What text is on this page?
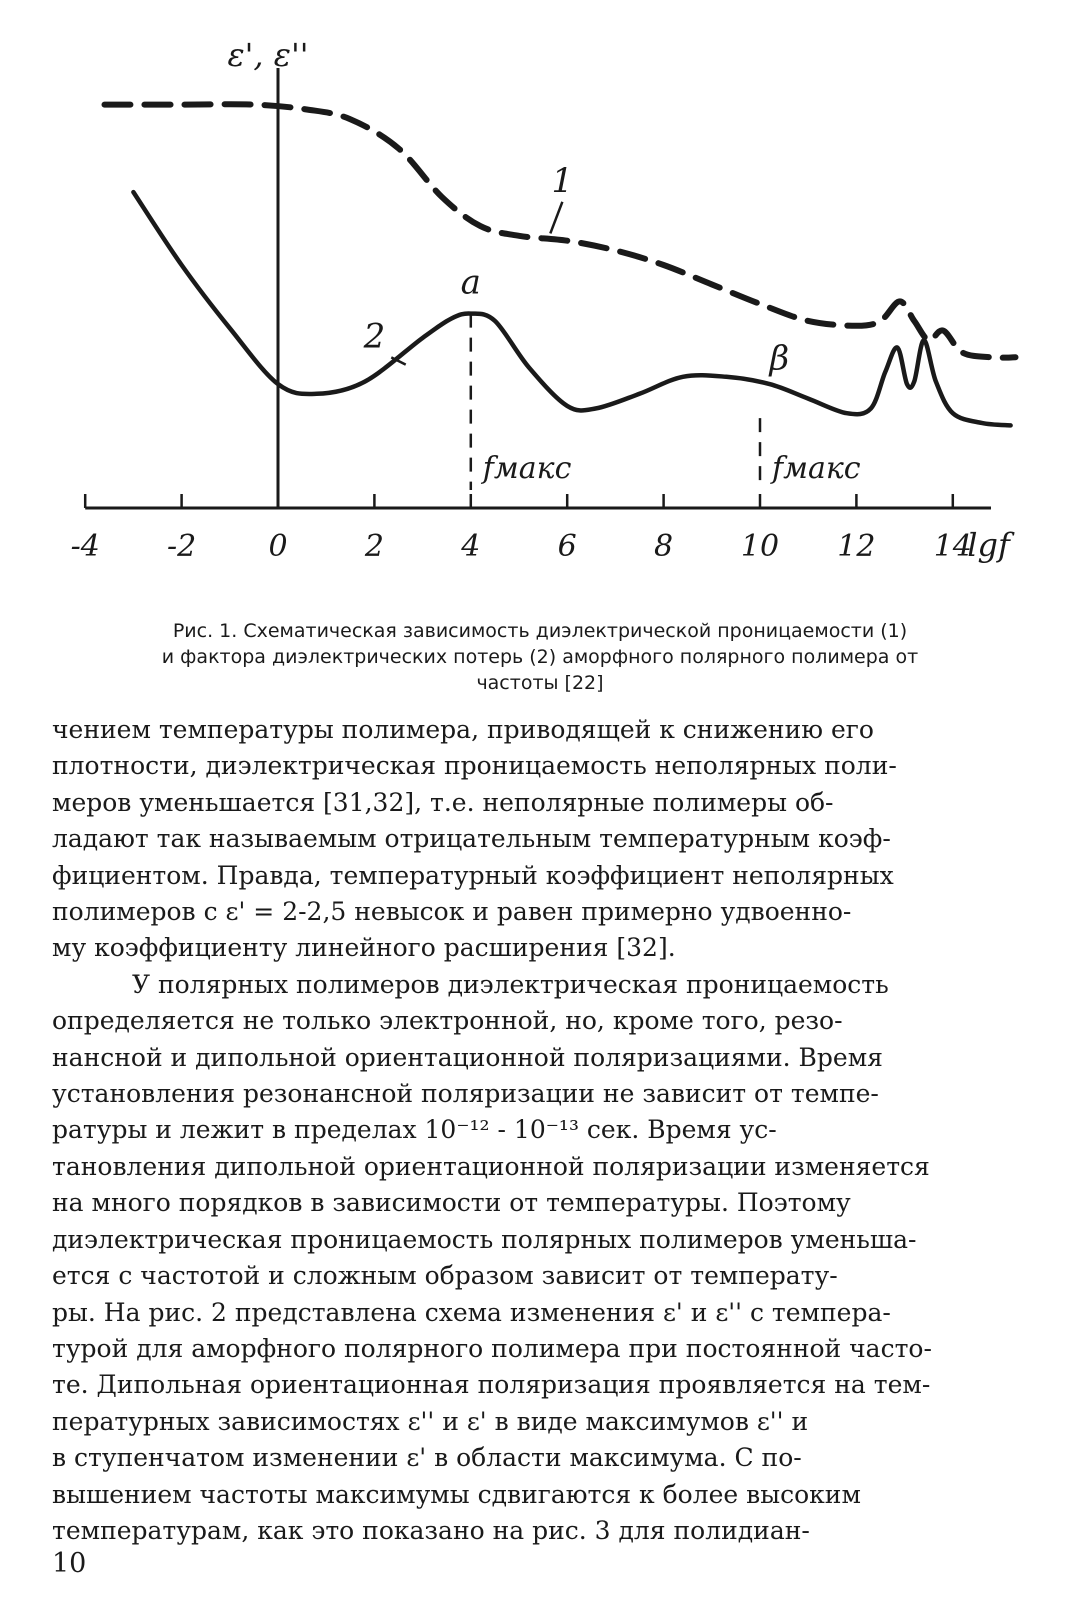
-4 -2 0	2	4	6	8 10 12 14
lgf
ε', ε''
1
2
fмакс	fмакс
a
β
Рис. 1. Схематическая зависимость диэлектрической проницаемости (1)
и фактора диэлектрических потерь (2) аморфного полярного полимера от
частоты [22]

чением температуры полимера, приводящей к снижению его
плотности, диэлектрическая проницаемость неполярных поли-
меров уменьшается [31,32], т.е. неполярные полимеры об-
ладают так называемым отрицательным температурным коэф-
фициентом. Правда, температурный коэффициент неполярных
полимеров с ε' = 2-2,5 невысок и равен примерно удвоенно-
му коэффициенту линейного расширения [32].

У полярных полимеров диэлектрическая проницаемость
определяется не только электронной, но, кроме того, резо-
нансной и дипольной ориентационной поляризациями. Время
установления резонансной поляризации не зависит от темпе-
ратуры и лежит в пределах 10⁻¹² - 10⁻¹³ сек. Время ус-
тановления дипольной ориентационной поляризации изменяется
на много порядков в зависимости от температуры. Поэтому
диэлектрическая проницаемость полярных полимеров уменьша-
ется с частотой и сложным образом зависит от температу-
ры. На рис. 2 представлена схема изменения ε' и ε'' с темпера-
турой для аморфного полярного полимера при постоянной часто-
те. Дипольная ориентационная поляризация проявляется на тем-
пературных зависимостях ε'' и ε' в виде максимумов ε'' и
в ступенчатом изменении ε' в области максимума. С по-
вышением частоты максимумы сдвигаются к более высоким
температурам, как это показано на рис. 3 для полидиан-

10
